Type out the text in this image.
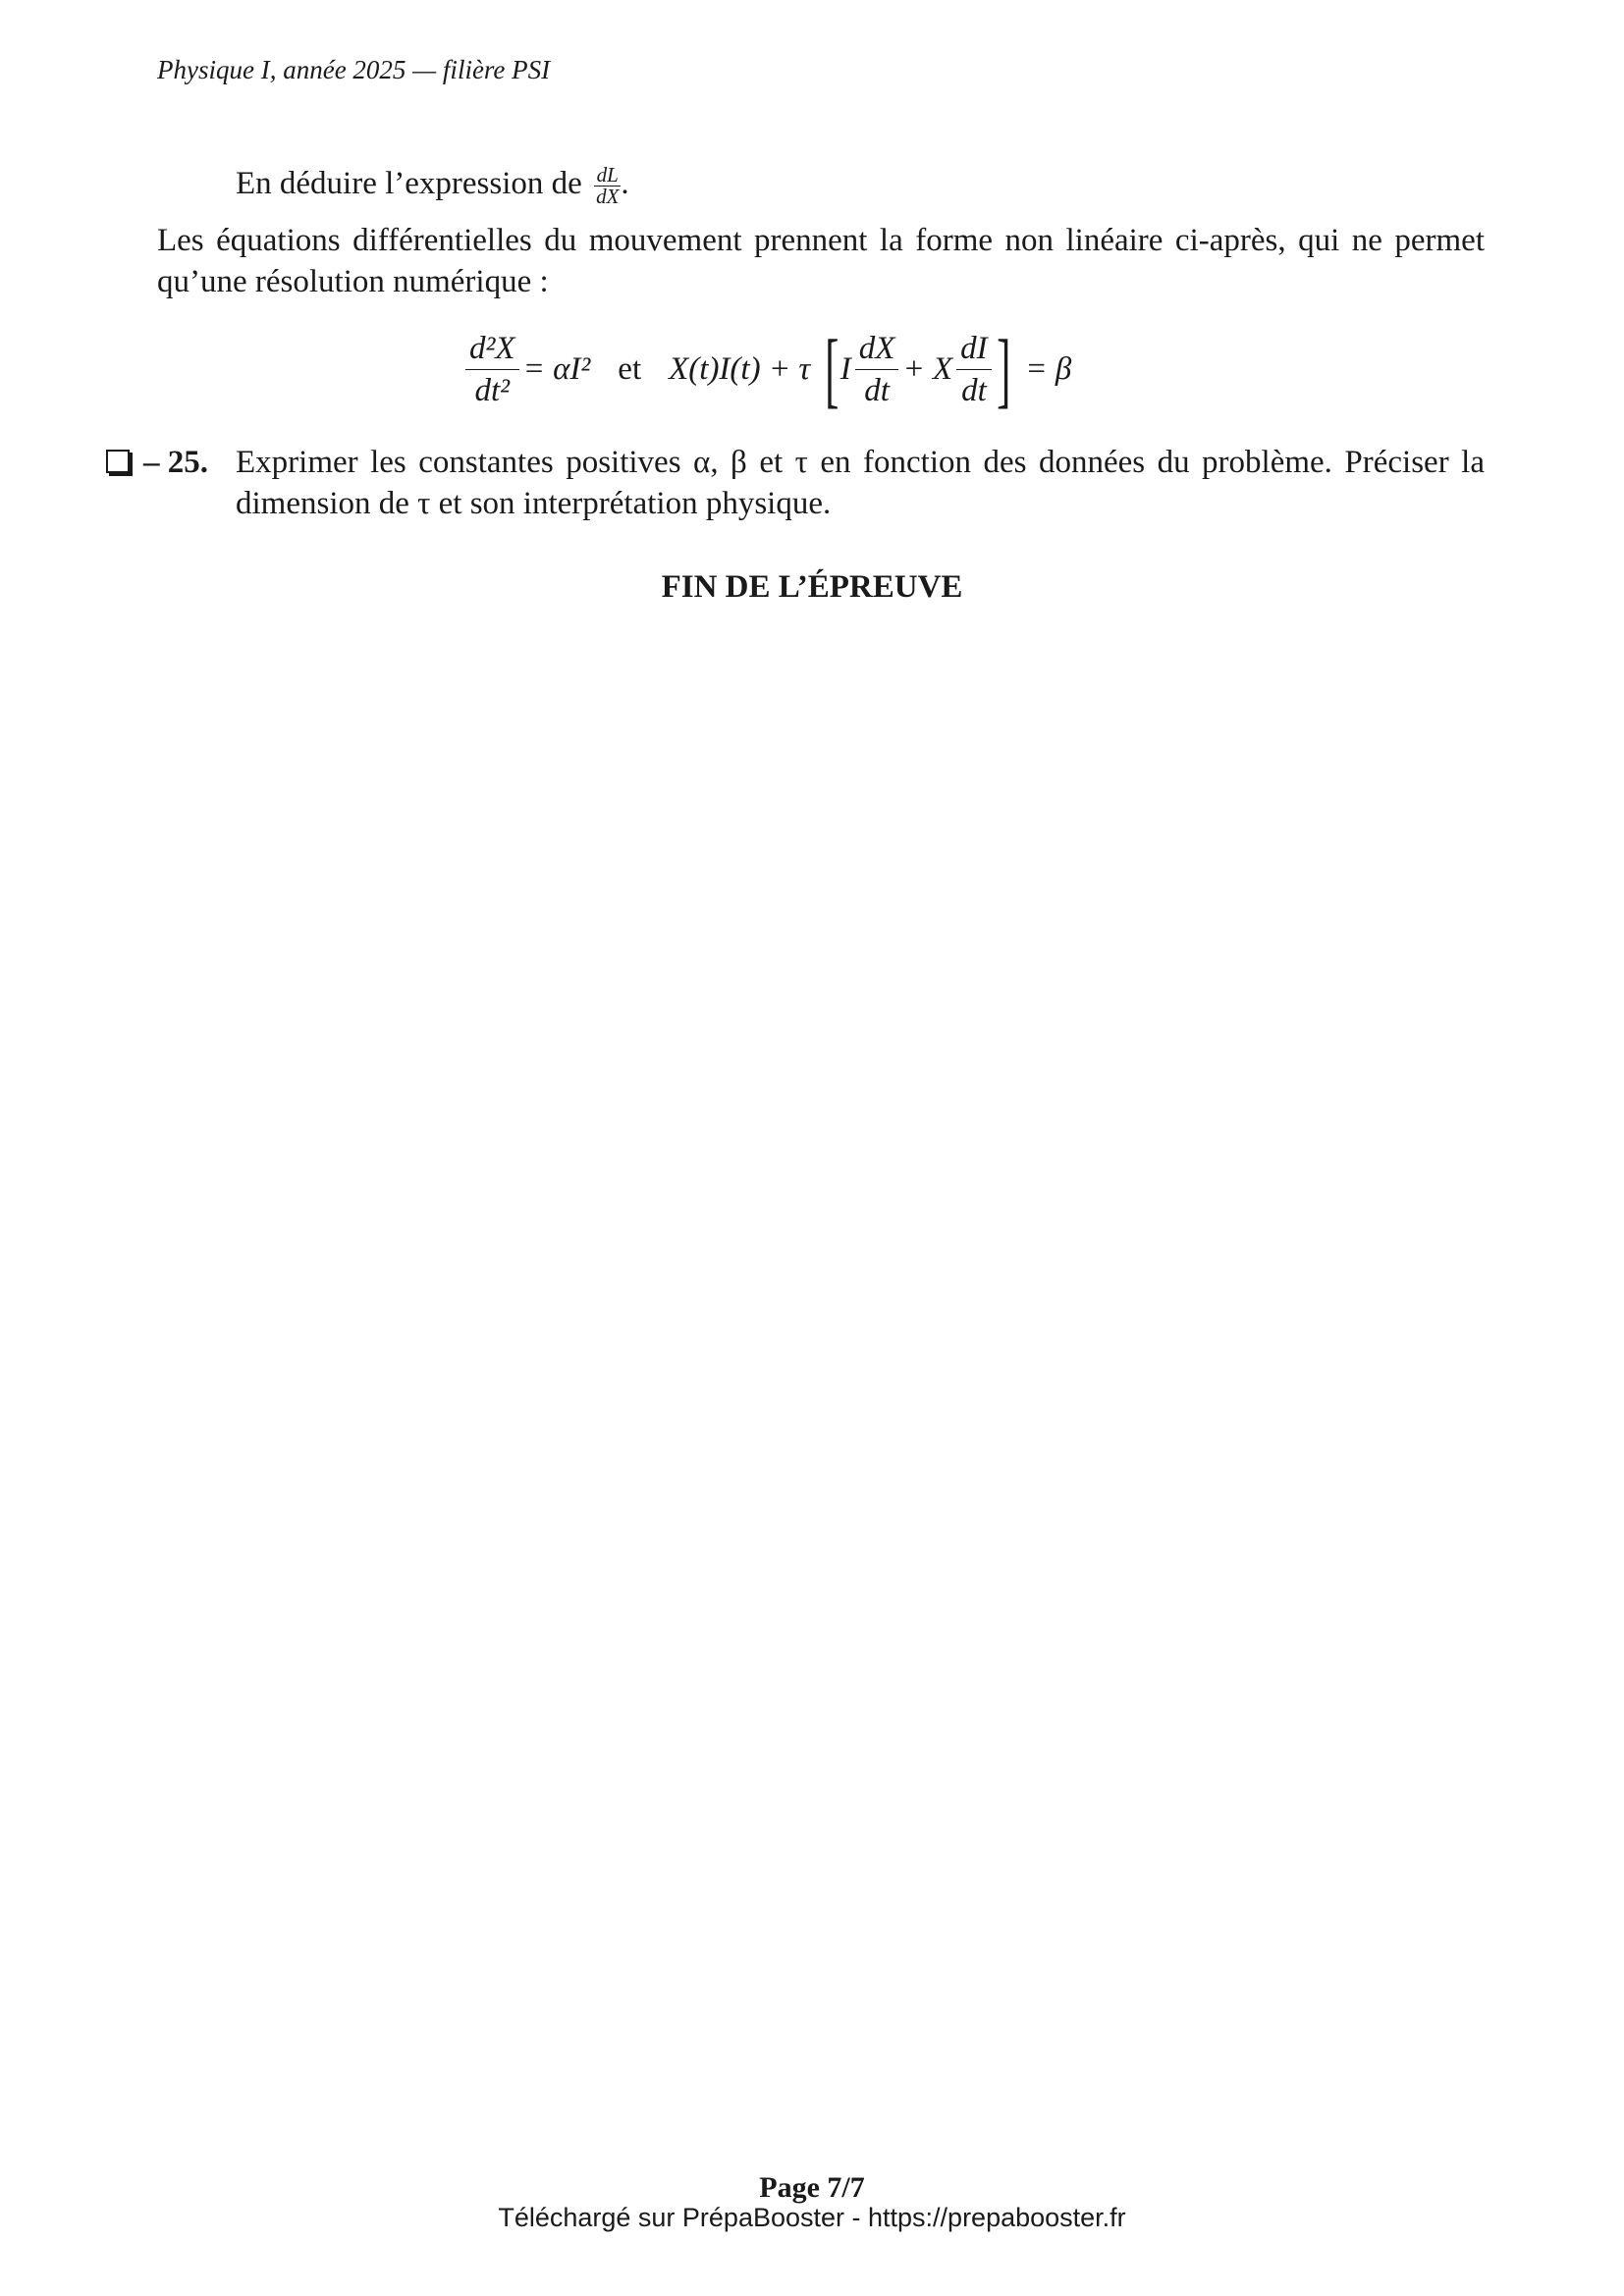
Physique I, année 2025 — filière PSI
En déduire l’expression de $\frac{dL}{dX}$ .
Les équations différentielles du mouvement prennent la forme non linéaire ci-après, qui ne permet qu’une résolution numérique :
$\frac{\text{d²X}}{\text{dt²}} = \alpha I^2$ et X(t)I(t) + τ [ I $\frac{dX}{dt} + X \frac{dI}{dt}$ ] = β
– 25. Exprimer les constantes positives α, β et τ en fonction des données du problème. Préciser la dimension de τ et son interprétation physique.
FIN DE L’ÉPREUVE
Page 7/7
Téléchargé sur PrépaBooster - https://prepabooster.fr
